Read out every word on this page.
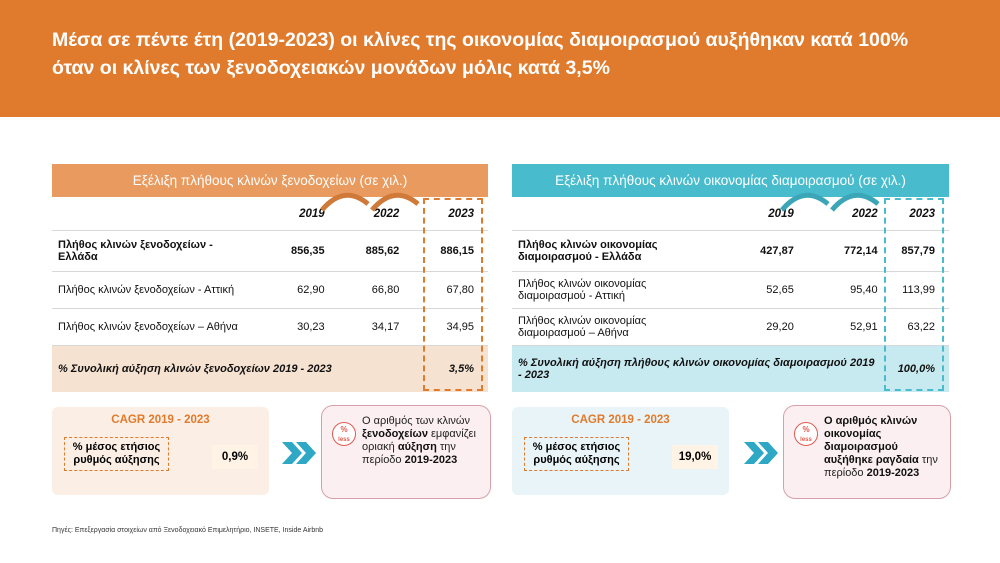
Μέσα σε πέντε έτη (2019-2023) οι κλίνες της οικονομίας διαμοιρασμού αυξήθηκαν κατά 100% όταν οι κλίνες των ξενοδοχειακών μονάδων μόλις κατά 3,5%
Εξέλιξη πλήθους κλινών ξενοδοχείων (σε χιλ.)
	2019	2022	2023
Πλήθος κλινών ξενοδοχείων - Ελλάδα	856,35	885,62	886,15
Πλήθος κλινών ξενοδοχείων - Αττική	62,90	66,80	67,80
Πλήθος κλινών ξενοδοχείων – Αθήνα	30,23	34,17	34,95
% Συνολική αύξηση κλινών ξενοδοχείων 2019 - 2023			3,5%
Εξέλιξη πλήθους κλινών οικονομίας διαμοιρασμού (σε χιλ.)
	2019	2022	2023
Πλήθος κλινών οικονομίας διαμοιρασμού - Ελλάδα	427,87	772,14	857,79
Πλήθος κλινών οικονομίας διαμοιρασμού - Αττική	52,65	95,40	113,99
Πλήθος κλινών οικονομίας διαμοιρασμού – Αθήνα	29,20	52,91	63,22
% Συνολική αύξηση πλήθους κλινών οικονομίας διαμοιρασμού 2019 - 2023			100,0%
CAGR 2019 - 2023
% μέσος ετήσιος ρυθμός αύξησης	0,9%
%
less
Ο αριθμός των κλινών ξενοδοχείων εμφανίζει οριακή αύξηση την περίοδο 2019-2023
CAGR 2019 - 2023
% μέσος ετήσιος ρυθμός αύξησης	19,0%
%
less
Ο αριθμός κλινών οικονομίας διαμοιρασμού αυξήθηκε ραγδαία την περίοδο 2019-2023
Πηγές: Επεξεργασία στοιχείων από Ξενοδοχειακό Επιμελητήριο, INSETE, Inside Airbnb
